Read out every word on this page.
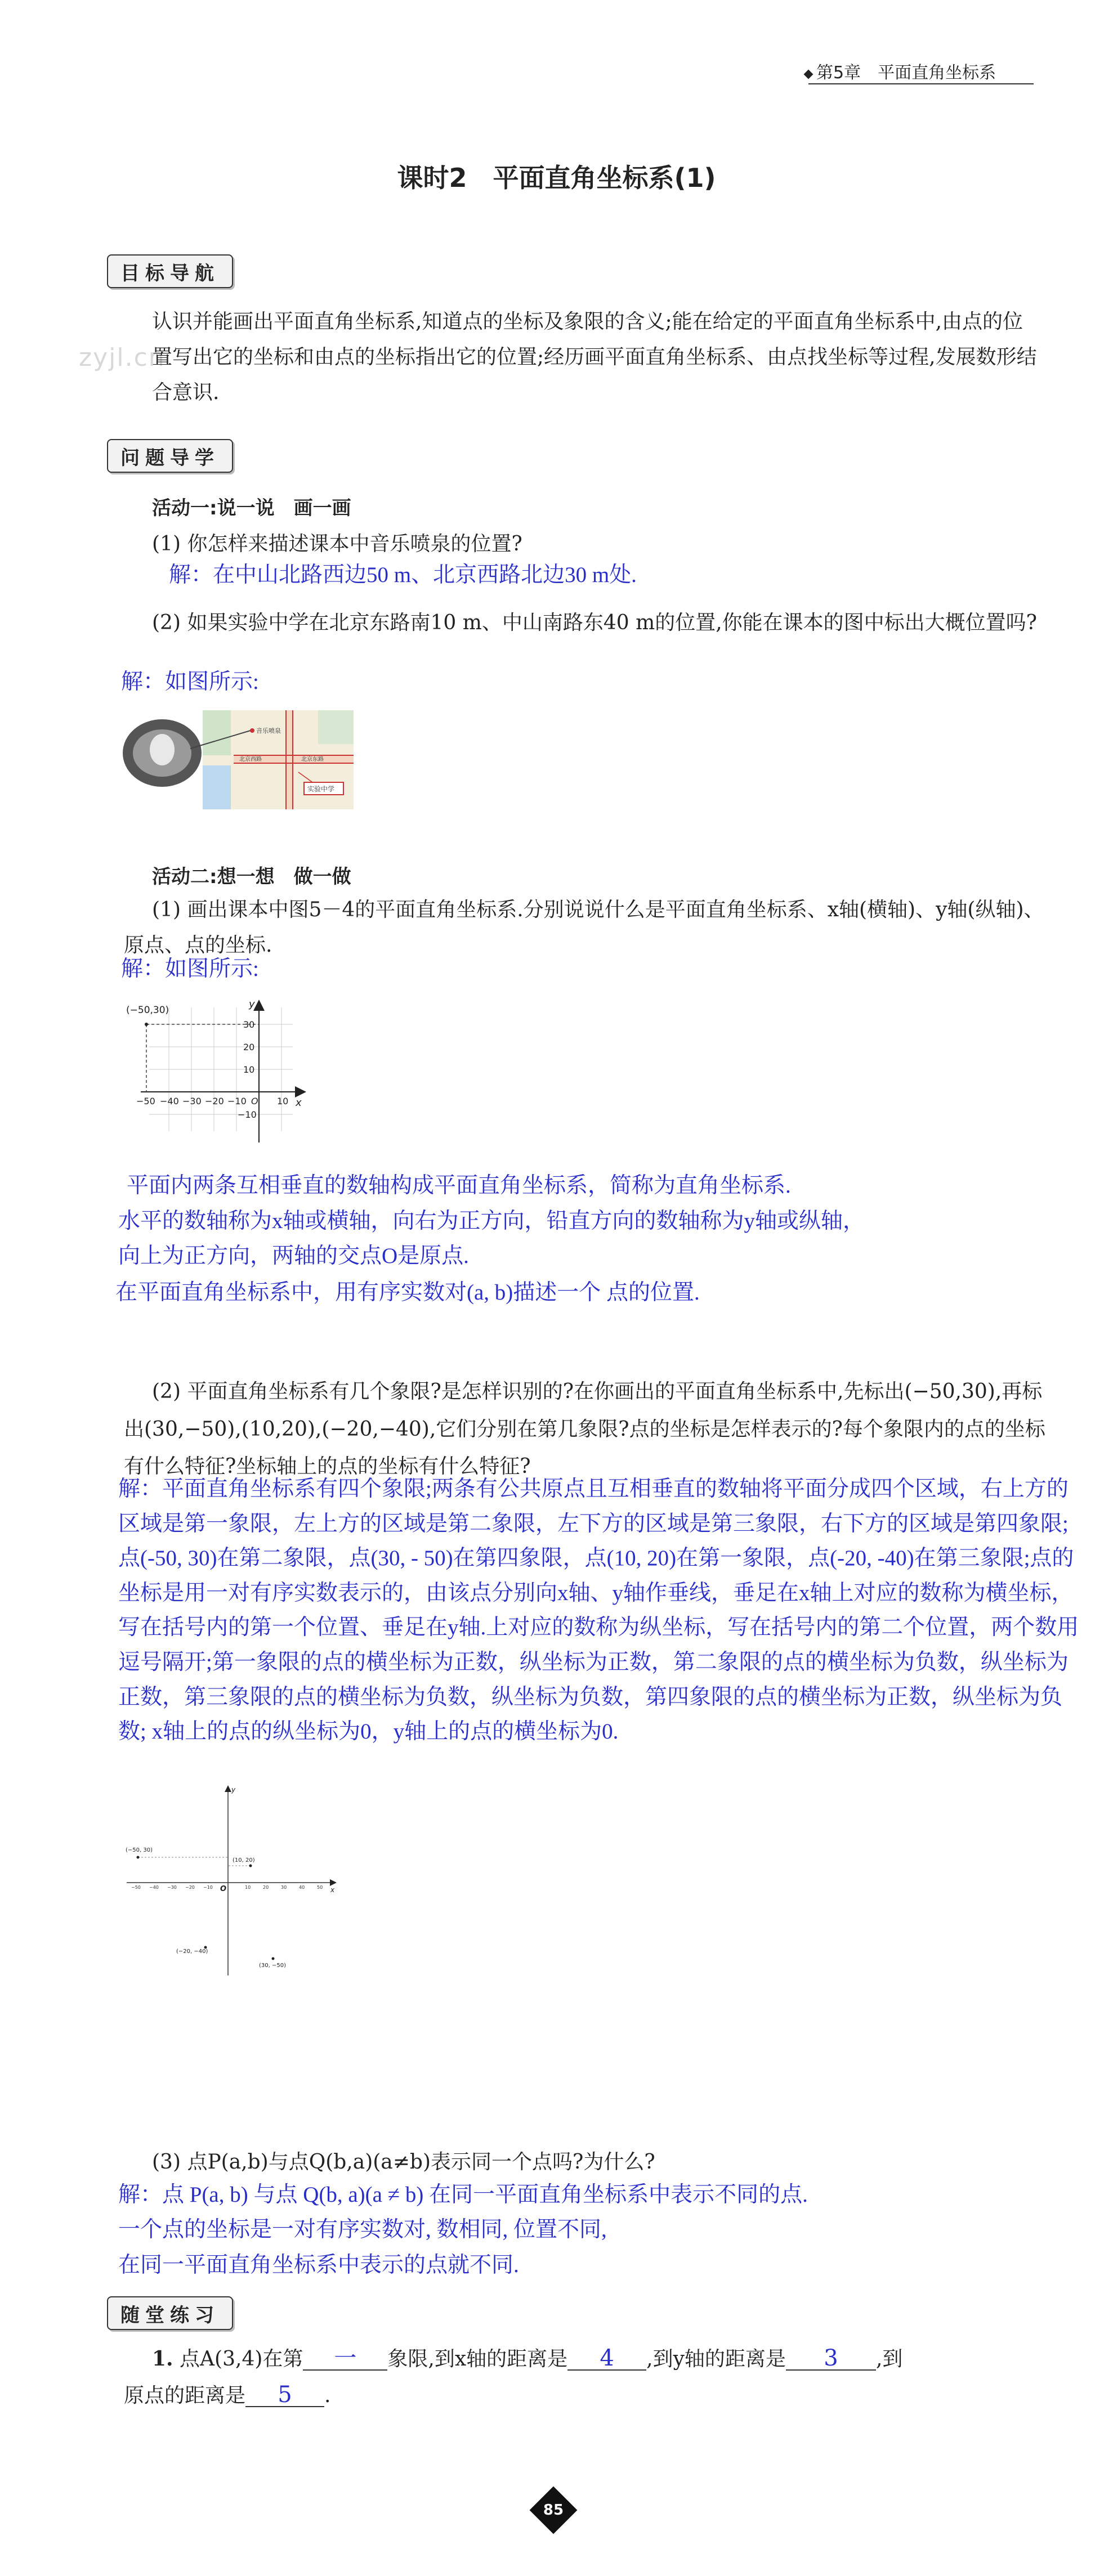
zyjl.cn
第5章　平面直角坐标系
课时2　平面直角坐标系(1)
目标导航
认识并能画出平面直角坐标系,知道点的坐标及象限的含义;能在给定的平面直角坐标系中,由点的位置写出它的坐标和由点的坐标指出它的位置;经历画平面直角坐标系、由点找坐标等过程,发展数形结合意识.
问题导学
活动一:说一说　画一画
(1) 你怎样来描述课本中音乐喷泉的位置?
解：在中山北路西边50 m、北京西路北边30 m处.
(2) 如果实验中学在北京东路南10 m、中山南路东40 m的位置,你能在课本的图中标出大概位置吗?
解：如图所示:
音乐喷泉
北京西路	北京东路
实验中学
活动二:想一想　做一做
(1) 画出课本中图5－4的平面直角坐标系.分别说说什么是平面直角坐标系、x轴(横轴)、y轴(纵轴)、原点、点的坐标.
解：如图所示:
(−50,30)	y
x
−50 −40 −30 −20 −10 O 10
30
20
10
−10
平面内两条互相垂直的数轴构成平面直角坐标系，简称为直角坐标系.
水平的数轴称为x轴或横轴，向右为正方向，铅直方向的数轴称为y轴或纵轴，
向上为正方向，两轴的交点O是原点.
在平面直角坐标系中，用有序实数对(a, b)描述一个 点的位置.
(2) 平面直角坐标系有几个象限?是怎样识别的?在你画出的平面直角坐标系中,先标出(−50,30),再标出(30,−50),(10,20),(−20,−40),它们分别在第几象限?点的坐标是怎样表示的?每个象限内的点的坐标有什么特征?坐标轴上的点的坐标有什么特征?
解：平面直角坐标系有四个象限;两条有公共原点且互相垂直的数轴将平面分成四个区域，右上方的区域是第一象限，左上方的区域是第二象限，左下方的区域是第三象限，右下方的区域是第四象限;点(-50, 30)在第二象限，点(30, - 50)在第四象限，点(10, 20)在第一象限，点(-20, -40)在第三象限;点的坐标是用一对有序实数表示的，由该点分别向x轴、y轴作垂线，垂足在x轴上对应的数称为横坐标，写在括号内的第一个位置、垂足在y轴.上对应的数称为纵坐标，写在括号内的第二个位置，两个数用逗号隔开;第一象限的点的横坐标为正数，纵坐标为正数，第二象限的点的横坐标为负数，纵坐标为正数，第三象限的点的横坐标为负数，纵坐标为负数，第四象限的点的横坐标为正数，纵坐标为负数; x轴上的点的纵坐标为0，y轴上的点的横坐标为0.
(−50, 30)
(10, 20)
(−20, −40)
(30, −50)
O	x
y
−50 −40 −30 −20 −10	10	20	30	40	50
(3) 点P(a,b)与点Q(b,a)(a≠b)表示同一个点吗?为什么?
解：点 P(a, b) 与点 Q(b, a)(a ≠ b) 在同一平面直角坐标系中表示不同的点.
一个点的坐标是一对有序实数对, 数相同, 位置不同,
在同一平面直角坐标系中表示的点就不同.
随堂练习
1. 点A(3,4)在第 一 象限,到x轴的距离是 4 ,到y轴的距离是 3 ,到
原点的距离是 5 .
85
